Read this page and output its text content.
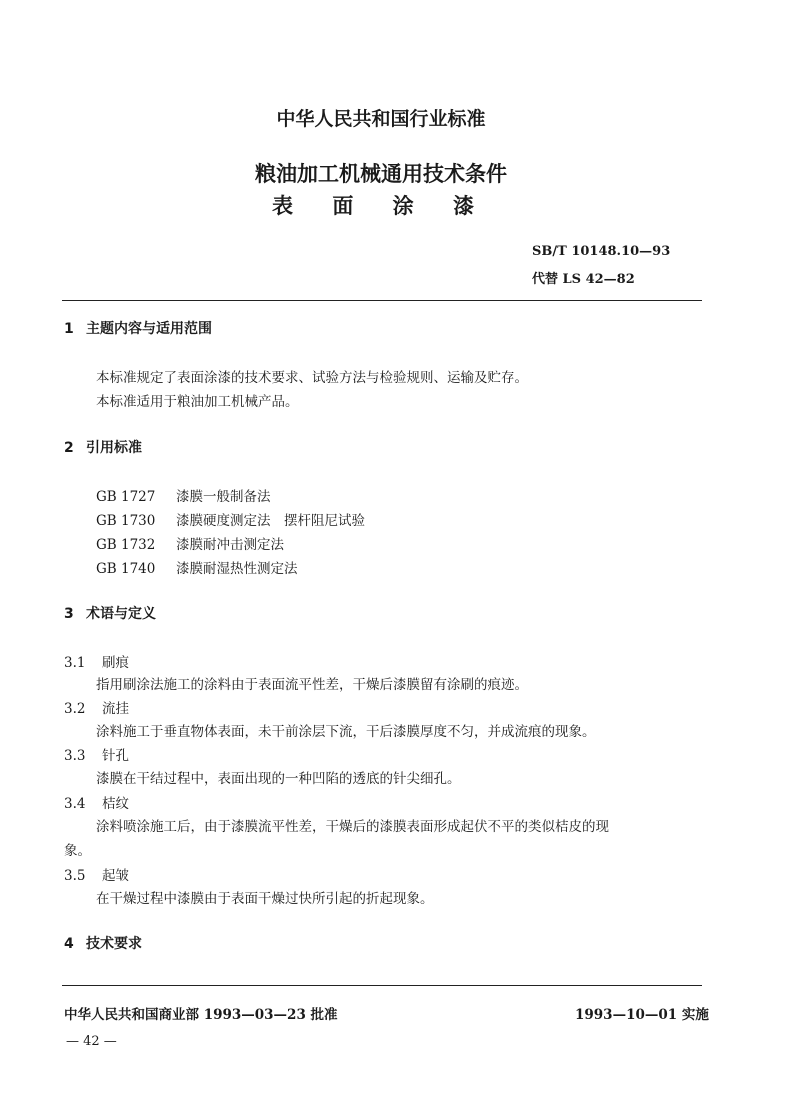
中华人民共和国行业标准
粮油加工机械通用技术条件
表 面 涂 漆
SB/T 10148.10—93
代替 LS 42—82
1 主题内容与适用范围
本标准规定了表面涂漆的技术要求、试验方法与检验规则、运输及贮存。
本标准适用于粮油加工机械产品。
2 引用标准
GB 1727 漆膜一般制备法
GB 1730 漆膜硬度测定法　摆杆阻尼试验
GB 1732 漆膜耐冲击测定法
GB 1740 漆膜耐湿热性测定法
3 术语与定义
3.1 刷痕
指用刷涂法施工的涂料由于表面流平性差，干燥后漆膜留有涂刷的痕迹。
3.2 流挂
涂料施工于垂直物体表面，未干前涂层下流，干后漆膜厚度不匀，并成流痕的现象。
3.3 针孔
漆膜在干结过程中，表面出现的一种凹陷的透底的针尖细孔。
3.4 桔纹
涂料喷涂施工后，由于漆膜流平性差，干燥后的漆膜表面形成起伏不平的类似桔皮的现
象。
3.5 起皱
在干燥过程中漆膜由于表面干燥过快所引起的折起现象。
4 技术要求
中华人民共和国商业部 1993—03—23 批准	1993—10—01 实施
— 42 —
